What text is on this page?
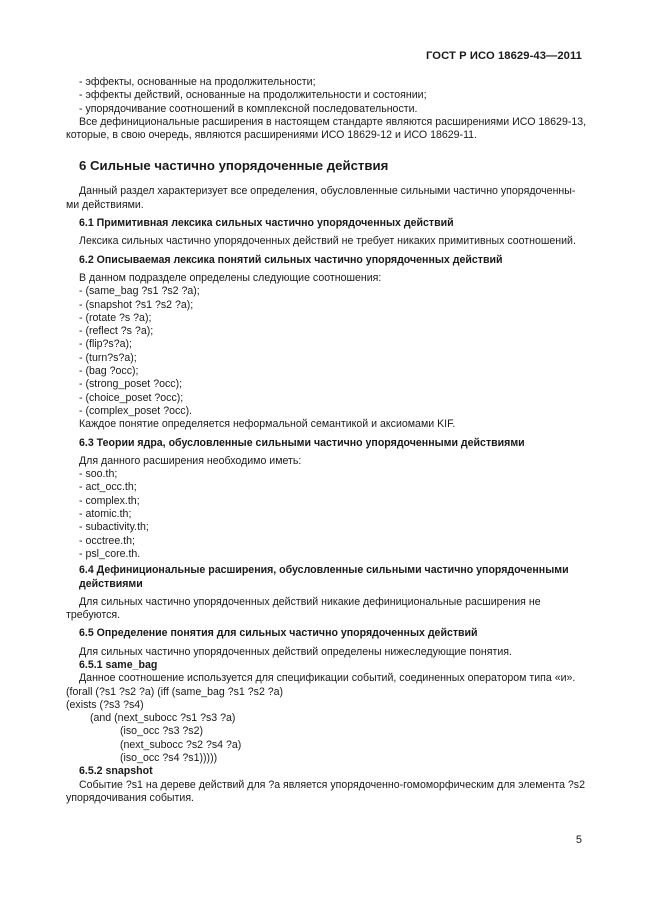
ГОСТ Р ИСО 18629-43—2011
- эффекты, основанные на продолжительности;
- эффекты действий, основанные на продолжительности и состоянии;
- упорядочивание соотношений в комплексной последовательности.
Все дефинициональные расширения в настоящем стандарте являются расширениями ИСО 18629-13,
которые, в свою очередь, являются расширениями ИСО 18629-12 и ИСО 18629-11.
6 Сильные частично упорядоченные действия
Данный раздел характеризует все определения, обусловленные сильными частично упорядоченны-
ми действиями.
6.1 Примитивная лексика сильных частично упорядоченных действий
Лексика сильных частично упорядоченных действий не требует никаких примитивных соотношений.
6.2 Описываемая лексика понятий сильных частично упорядоченных действий
В данном подразделе определены следующие соотношения:
- (same_bag ?s1 ?s2 ?a);
- (snapshot ?s1 ?s2 ?a);
- (rotate ?s ?a);
- (reflect ?s ?a);
- (flip?s?a);
- (turn?s?a);
- (bag ?occ);
- (strong_poset ?occ);
- (choice_poset ?occ);
- (complex_poset ?occ).
Каждое понятие определяется неформальной семантикой и аксиомами KIF.
6.3 Теории ядра, обусловленные сильными частично упорядоченными действиями
Для данного расширения необходимо иметь:
- soo.th;
- act_occ.th;
- complex.th;
- atomic.th;
- subactivity.th;
- occtree.th;
- psl_core.th.
6.4 Дефинициональные расширения, обусловленные сильными частично упорядоченными
действиями
Для сильных частично упорядоченных действий никакие дефинициональные расширения не
требуются.
6.5 Определение понятия для сильных частично упорядоченных действий
Для сильных частично упорядоченных действий определены нижеследующие понятия.
6.5.1 same_bag
Данное соотношение используется для спецификации событий, соединенных оператором типа «и».
(forall (?s1 ?s2 ?a) (iff (same_bag ?s1 ?s2 ?a)
(exists (?s3 ?s4)
(and (next_subocc ?s1 ?s3 ?a)
(iso_occ ?s3 ?s2)
(next_subocc ?s2 ?s4 ?a)
(iso_occ ?s4 ?s1)))))
6.5.2 snapshot
Событие ?s1 на дереве действий для ?a является упорядоченно-гомоморфическим для элемента ?s2
упорядочивания события.
5
